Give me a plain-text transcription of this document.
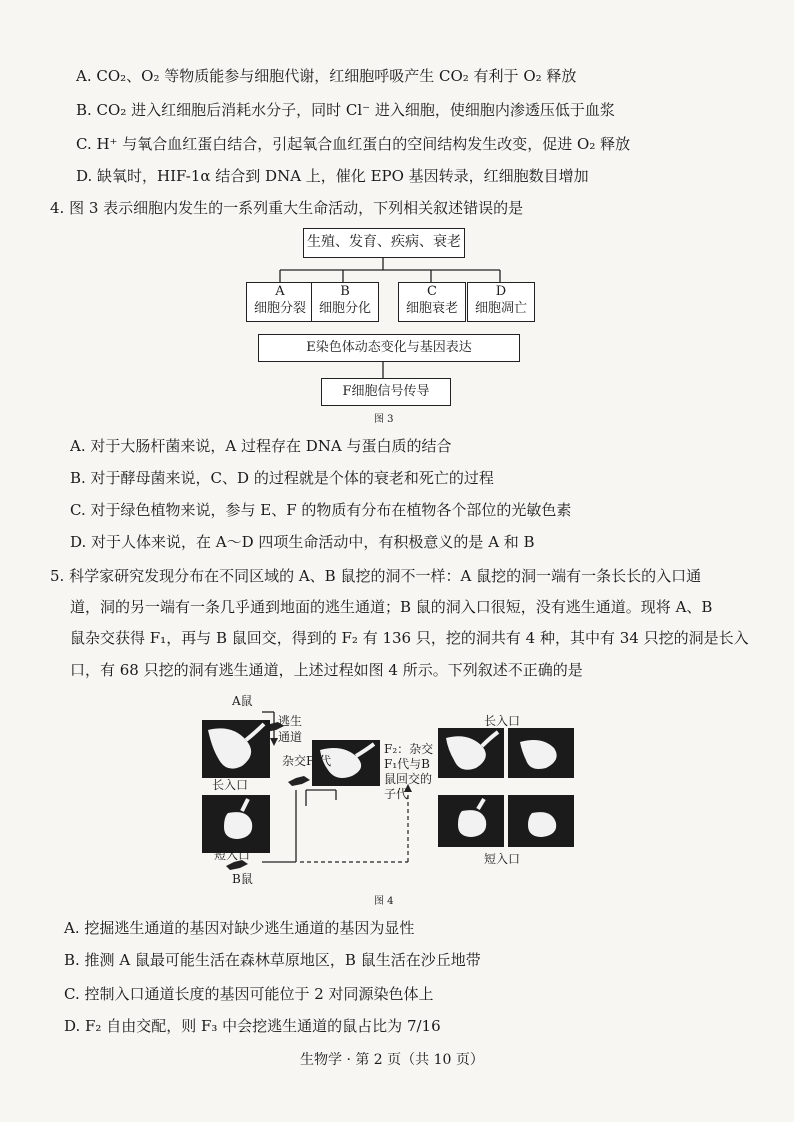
A. CO₂、O₂ 等物质能参与细胞代谢，红细胞呼吸产生 CO₂ 有利于 O₂ 释放
B. CO₂ 进入红细胞后消耗水分子，同时 Cl⁻ 进入细胞，使细胞内渗透压低于血浆
C. H⁺ 与氧合血红蛋白结合，引起氧合血红蛋白的空间结构发生改变，促进 O₂ 释放
D. 缺氧时，HIF-1α 结合到 DNA 上，催化 EPO 基因转录，红细胞数目增加
4. 图 3 表示细胞内发生的一系列重大生命活动，下列相关叙述错误的是
生殖、发育、疾病、衰老
A
细胞分裂
B
细胞分化
C
细胞衰老
D
细胞凋亡
E染色体动态变化与基因表达
F细胞信号传导
图 3
A. 对于大肠杆菌来说，A 过程存在 DNA 与蛋白质的结合
B. 对于酵母菌来说，C、D 的过程就是个体的衰老和死亡的过程
C. 对于绿色植物来说，参与 E、F 的物质有分布在植物各个部位的光敏色素
D. 对于人体来说，在 A～D 四项生命活动中，有积极意义的是 A 和 B
5. 科学家研究发现分布在不同区域的 A、B 鼠挖的洞不一样：A 鼠挖的洞一端有一条长长的入口通
道，洞的另一端有一条几乎通到地面的逃生通道；B 鼠的洞入口很短，没有逃生通道。现将 A、B
鼠杂交获得 F₁，再与 B 鼠回交，得到的 F₂ 有 136 只，挖的洞共有 4 种，其中有 34 只挖的洞是长入
口，有 68 只挖的洞有逃生通道，上述过程如图 4 所示。下列叙述不正确的是
A鼠
逃生
通道
长入口
杂交F₁代
F₂：杂交
F₁代与B
鼠回交的
子代
长入口
短入口
B鼠
短入口
图 4
A. 挖掘逃生通道的基因对缺少逃生通道的基因为显性
B. 推测 A 鼠最可能生活在森林草原地区，B 鼠生活在沙丘地带
C. 控制入口通道长度的基因可能位于 2 对同源染色体上
D. F₂ 自由交配，则 F₃ 中会挖逃生通道的鼠占比为 7/16
生物学 · 第 2 页（共 10 页）
